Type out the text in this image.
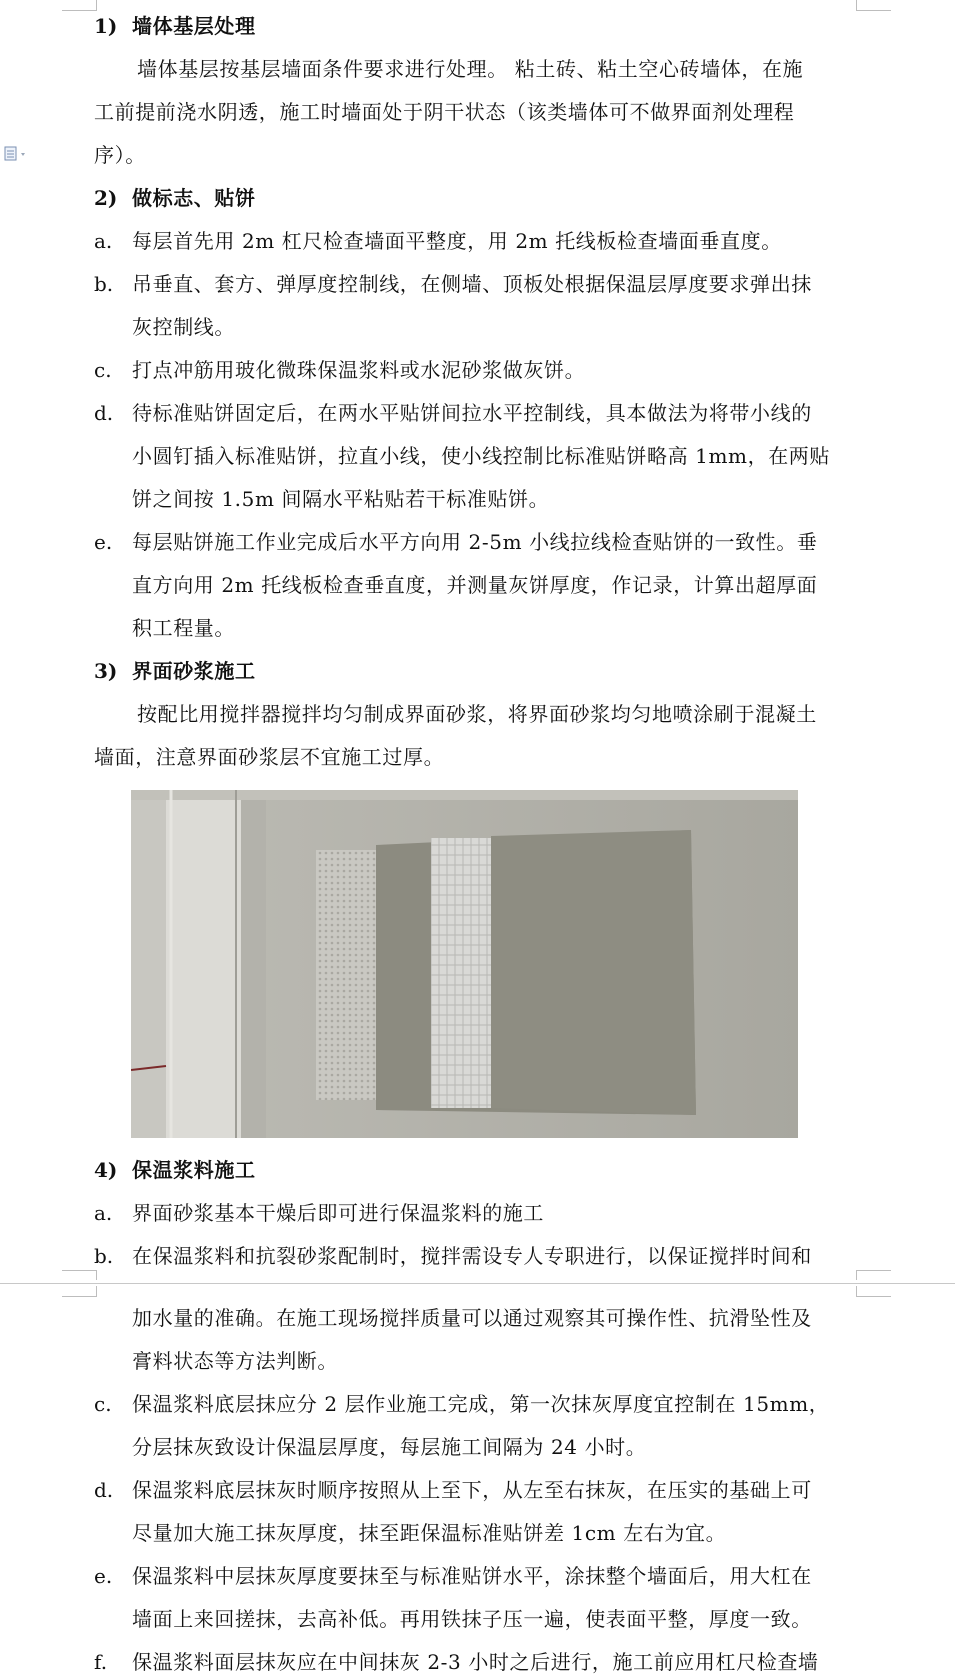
1) 墙体基层处理
墙体基层按基层墙面条件要求进行处理。 粘土砖、粘土空心砖墙体，在施
工前提前浇水阴透，施工时墙面处于阴干状态（该类墙体可不做界面剂处理程
序）。
2) 做标志、贴饼
a. 每层首先用 2m 杠尺检查墙面平整度，用 2m 托线板检查墙面垂直度。
b. 吊垂直、套方、弹厚度控制线，在侧墙、顶板处根据保温层厚度要求弹出抹
灰控制线。
c. 打点冲筋用玻化微珠保温浆料或水泥砂浆做灰饼。
d. 待标准贴饼固定后，在两水平贴饼间拉水平控制线，具本做法为将带小线的
小圆钉插入标准贴饼，拉直小线，使小线控制比标准贴饼略高 1mm，在两贴
饼之间按 1.5m 间隔水平粘贴若干标准贴饼。
e. 每层贴饼施工作业完成后水平方向用 2-5m 小线拉线检查贴饼的一致性。垂
直方向用 2m 托线板检查垂直度，并测量灰饼厚度，作记录，计算出超厚面
积工程量。
3) 界面砂浆施工
按配比用搅拌器搅拌均匀制成界面砂浆，将界面砂浆均匀地喷涂刷于混凝土
墙面，注意界面砂浆层不宜施工过厚。
4) 保温浆料施工
a. 界面砂浆基本干燥后即可进行保温浆料的施工
b. 在保温浆料和抗裂砂浆配制时，搅拌需设专人专职进行，以保证搅拌时间和
加水量的准确。在施工现场搅拌质量可以通过观察其可操作性、抗滑坠性及
膏料状态等方法判断。
c. 保温浆料底层抹应分 2 层作业施工完成，第一次抹灰厚度宜控制在 15mm，
分层抹灰致设计保温层厚度，每层施工间隔为 24 小时。
d. 保温浆料底层抹灰时顺序按照从上至下，从左至右抹灰，在压实的基础上可
尽量加大施工抹灰厚度，抹至距保温标准贴饼差 1cm 左右为宜。
e. 保温浆料中层抹灰厚度要抹至与标准贴饼水平，涂抹整个墙面后，用大杠在
墙面上来回搓抹，去高补低。再用铁抹子压一遍，使表面平整，厚度一致。
f. 保温浆料面层抹灰应在中间抹灰 2-3 小时之后进行，施工前应用杠尺检查墙
